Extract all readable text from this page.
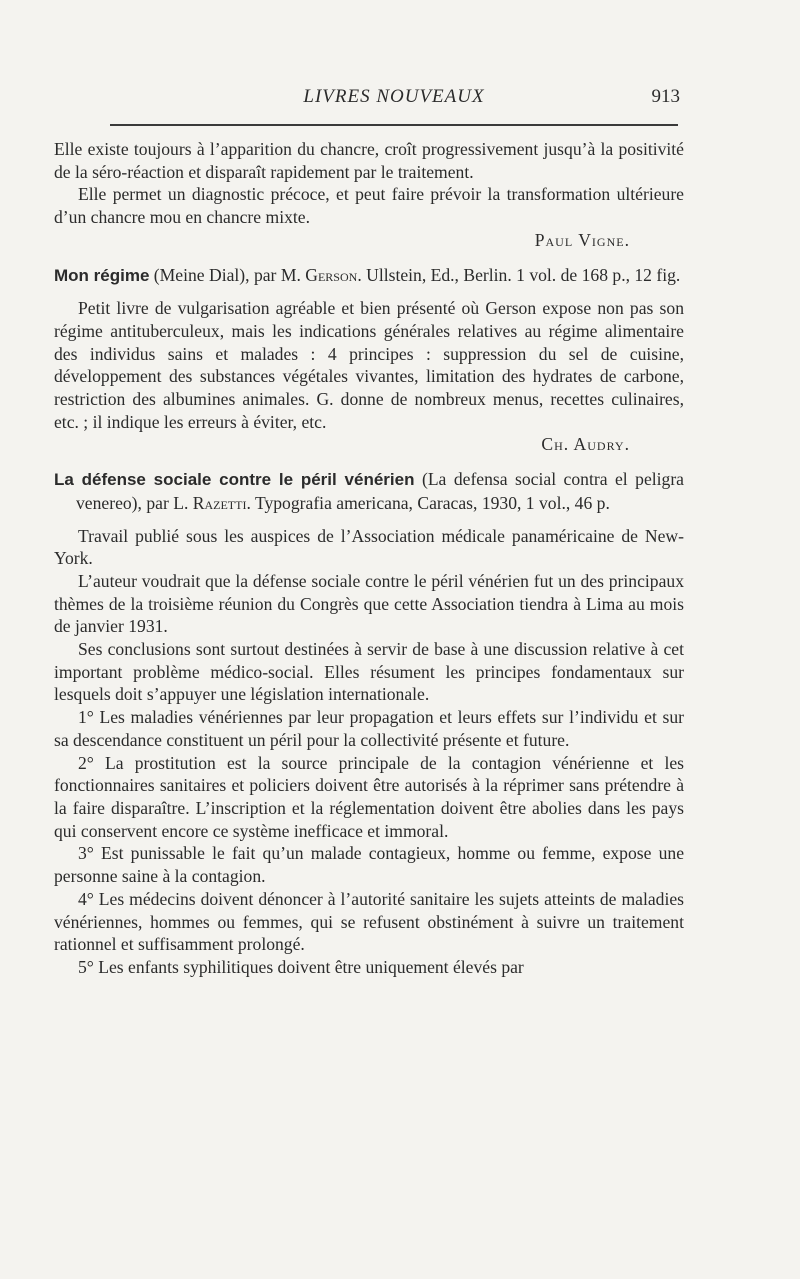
LIVRES NOUVEAUX	913

Elle existe toujours à l’apparition du chancre, croît progressivement jusqu’à la positivité de la séro-réaction et disparaît rapidement par le traitement.

Elle permet un diagnostic précoce, et peut faire prévoir la transformation ultérieure d’un chancre mou en chancre mixte.

Paul Vigne.

Mon régime (Meine Dial), par M. Gerson. Ullstein, Ed., Berlin. 1 vol. de 168 p., 12 fig.

Petit livre de vulgarisation agréable et bien présenté où Gerson expose non pas son régime antituberculeux, mais les indications générales relatives au régime alimentaire des individus sains et malades : 4 principes : suppression du sel de cuisine, développement des substances végétales vivantes, limitation des hydrates de carbone, restriction des albumines animales. G. donne de nombreux menus, recettes culinaires, etc. ; il indique les erreurs à éviter, etc.

Ch. Audry.

La défense sociale contre le péril vénérien (La defensa social contra el peligra venereo), par L. Razetti. Typografia americana, Caracas, 1930, 1 vol., 46 p.

Travail publié sous les auspices de l’Association médicale panaméricaine de New-York.

L’auteur voudrait que la défense sociale contre le péril vénérien fut un des principaux thèmes de la troisième réunion du Congrès que cette Association tiendra à Lima au mois de janvier 1931.

Ses conclusions sont surtout destinées à servir de base à une discussion relative à cet important problème médico-social. Elles résument les principes fondamentaux sur lesquels doit s’appuyer une législation internationale.

1° Les maladies vénériennes par leur propagation et leurs effets sur l’individu et sur sa descendance constituent un péril pour la collectivité présente et future.

2° La prostitution est la source principale de la contagion vénérienne et les fonctionnaires sanitaires et policiers doivent être autorisés à la réprimer sans prétendre à la faire disparaître. L’inscription et la réglementation doivent être abolies dans les pays qui conservent encore ce système inefficace et immoral.

3° Est punissable le fait qu’un malade contagieux, homme ou femme, expose une personne saine à la contagion.

4° Les médecins doivent dénoncer à l’autorité sanitaire les sujets atteints de maladies vénériennes, hommes ou femmes, qui se refusent obstinément à suivre un traitement rationnel et suffisamment prolongé.

5° Les enfants syphilitiques doivent être uniquement élevés par
